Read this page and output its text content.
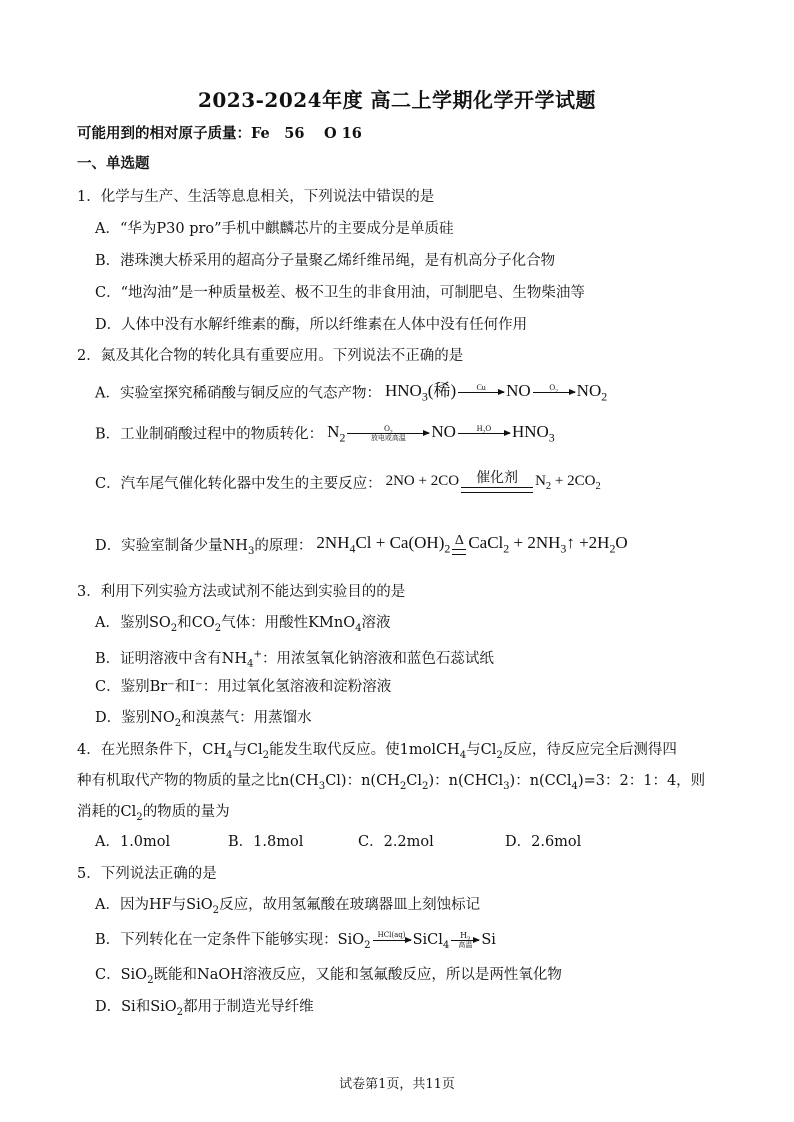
2023-2024年度 高二上学期化学开学试题
可能用到的相对原子质量：Fe　56　 O 16
一、单选题
1．化学与生产、生活等息息相关，下列说法中错误的是
A．“华为P30 pro”手机中麒麟芯片的主要成分是单质硅
B．港珠澳大桥采用的超高分子量聚乙烯纤维吊绳，是有机高分子化合物
C．“地沟油”是一种质量极差、极不卫生的非食用油，可制肥皂、生物柴油等
D．人体中没有水解纤维素的酶，所以纤维素在人体中没有任何作用
2．氮及其化合物的转化具有重要应用。下列说法不正确的是
A．实验室探究稀硝酸与铜反应的气态产物： $HNO_3$(稀)	Cu	NO	O	$NO_2$
B．工业制硝酸过程中的物质转化： $N_2$
O
放电或高温	NO	H O	$HNO_3$
C．汽车尾气催化转化器中发生的主要反应： 2NO + 2CO	催化剂	$N_2 + 2CO_2$
D．实验室制备少量$NH_3$的原理： $2NH_4Cl + Ca(OH)_2$
Δ CaCl$_2$ + $2NH_3↑ +2H_2O$
3．利用下列实验方法或试剂不能达到实验目的的是
A．鉴别$SO_2$和$CO_2$气体：用酸性KMnO$_4$溶液
B．证明溶液中含有$NH_4^+$：用浓氢氧化钠溶液和蓝色石蕊试纸
C．鉴别Br⁻和I⁻：用过氧化氢溶液和淀粉溶液
D．鉴别$NO_2$和溴蒸气：用蒸馏水
4．在光照条件下，$CH_4$与$Cl_2$能发生取代反应。使1molCH$_4$与$Cl_2$反应，待反应完全后测得四
种有机取代产物的物质的量之比$n(CH_3Cl)$：$n(CH_2Cl_2)$：n(CHCl$_3$)：n(CCl$_4$)=3：2：1：4，则
消耗的$Cl_2$的物质的量为
A．1.0mol	B．1.8mol	C．2.2mol	D．2.6mol
5．下列说法正确的是
A．因为HF与SiO$_2$反应，故用氢氟酸在玻璃器皿上刻蚀标记
B．下列转化在一定条件下能够实现：SiO$_2$
HCl(aq) SiCl$_4$
H
高温 Si
C．SiO$_2$既能和NaOH溶液反应，又能和氢氟酸反应，所以是两性氧化物
D．Si和SiO$_2$都用于制造光导纤维
试卷第1页，共11页
